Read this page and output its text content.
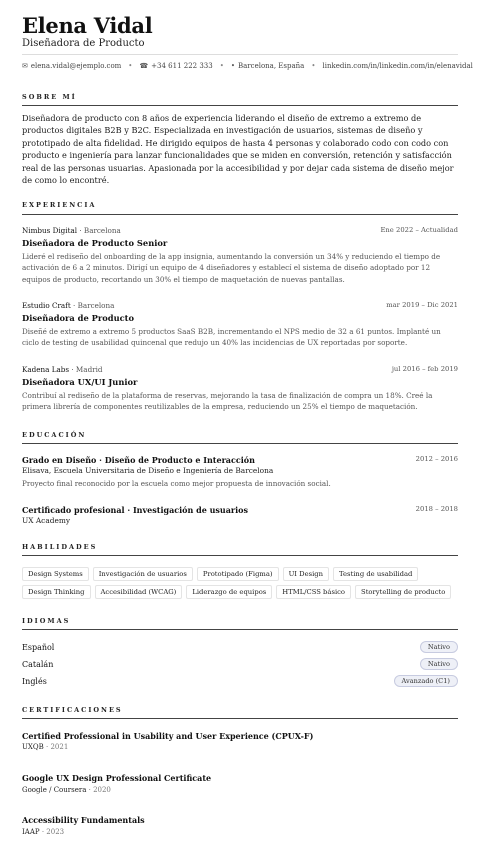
Elena Vidal
Diseñadora de Producto
✉ elena.vidal@ejemplo.com • ☎ +34 611 222 333 • • Barcelona, España • linkedin.com/in/linkedin.com/in/elenavidal
SOBRE MÍ
Diseñadora de producto con 8 años de experiencia liderando el diseño de extremo a extremo de productos digitales B2B y B2C. Especializada en investigación de usuarios, sistemas de diseño y prototipado de alta fidelidad. He dirigido equipos de hasta 4 personas y colaborado codo con codo con producto e ingeniería para lanzar funcionalidades que se miden en conversión, retención y satisfacción real de las personas usuarias. Apasionada por la accesibilidad y por dejar cada sistema de diseño mejor de como lo encontré.
EXPERIENCIA
Nimbus Digital · Barcelona	Ene 2022 – Actualidad
Diseñadora de Producto Senior
Lideré el rediseño del onboarding de la app insignia, aumentando la conversión un 34% y reduciendo el tiempo de activación de 6 a 2 minutos. Dirigí un equipo de 4 diseñadores y establecí el sistema de diseño adoptado por 12 equipos de producto, recortando un 30% el tiempo de maquetación de nuevas pantallas.
Estudio Craft · Barcelona	mar 2019 – Dic 2021
Diseñadora de Producto
Diseñé de extremo a extremo 5 productos SaaS B2B, incrementando el NPS medio de 32 a 61 puntos. Implanté un ciclo de testing de usabilidad quincenal que redujo un 40% las incidencias de UX reportadas por soporte.
Kadena Labs · Madrid	jul 2016 – feb 2019
Diseñadora UX/UI Junior
Contribuí al rediseño de la plataforma de reservas, mejorando la tasa de finalización de compra un 18%. Creé la primera librería de componentes reutilizables de la empresa, reduciendo un 25% el tiempo de maquetación.
EDUCACIÓN
Grado en Diseño · Diseño de Producto e Interacción	2012 – 2016
Elisava, Escuela Universitaria de Diseño e Ingeniería de Barcelona
Proyecto final reconocido por la escuela como mejor propuesta de innovación social.
Certificado profesional · Investigación de usuarios	2018 – 2018
UX Academy
HABILIDADES
Design Systems	Investigación de usuarios	Prototipado (Figma)	UI Design	Testing de usabilidad
Design Thinking	Accesibilidad (WCAG)	Liderazgo de equipos	HTML/CSS básico	Storytelling de producto
IDIOMAS
Español	Nativo
Catalán	Nativo
Inglés	Avanzado (C1)
CERTIFICACIONES
Certified Professional in Usability and User Experience (CPUX-F)
UXQB · 2021
Google UX Design Professional Certificate
Google / Coursera · 2020
Accessibility Fundamentals
IAAP · 2023
